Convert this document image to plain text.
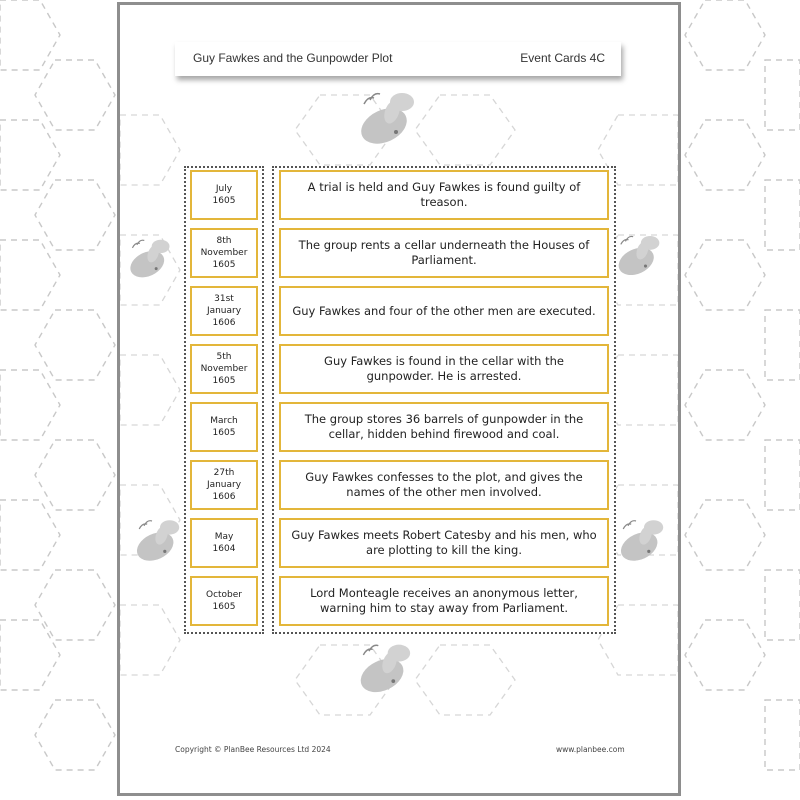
Guy Fawkes and the Gunpowder Plot	Event Cards 4C
July
1605
8th
November
1605
31st
January
1606
5th
November
1605
March
1605
27th
January
1606
May
1604
October
1605
A trial is held and Guy Fawkes is found guilty of treason.
The group rents a cellar underneath the Houses of Parliament.
Guy Fawkes and four of the other men are executed.
Guy Fawkes is found in the cellar with the gunpowder. He is arrested.
The group stores 36 barrels of gunpowder in the cellar, hidden behind firewood and coal.
Guy Fawkes confesses to the plot, and gives the names of the other men involved.
Guy Fawkes meets Robert Catesby and his men, who are plotting to kill the king.
Lord Monteagle receives an anonymous letter, warning him to stay away from Parliament.
Copyright © PlanBee Resources Ltd 2024	www.planbee.com
